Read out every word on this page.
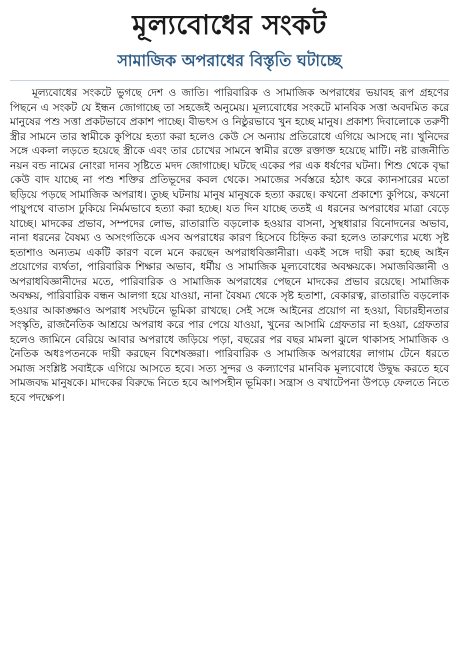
মূল্যবোধের সংকট
সামাজিক অপরাধের বিস্তৃতি ঘটাচ্ছে

মূল্যবোধের সংকটে ভুগছে দেশ ও জাতি। পারিবারিক ও সামাজিক অপরাধের ভয়াবহ রূপ গ্রহণের পিছনে এ সংকট যে ইন্ধন জোগাচ্ছে তা সহজেই অনুমেয়। মূল্যবোধের সংকটে মানবিক সত্তা অবদমিত করে মানুষের পশু সত্তা প্রকটভাবে প্রকাশ পাচ্ছে। বীভৎস ও নিষ্ঠুরভাবে খুন হচ্ছে মানুষ। প্রকাশ্য দিবালোকে তরুণী স্ত্রীর সামনে তার স্বামীকে কুপিয়ে হত্যা করা হলেও কেউ সে অন্যায় প্রতিরোধে এগিয়ে আসছে না। খুনিদের সঙ্গে একলা লড়তে হয়েছে স্ত্রীকে এবং তার চোখের সামনে স্বামীর রক্তে রক্তাক্ত হয়েছে মাটি। নষ্ট রাজনীতি নয়ন বন্ড নামের নোংরা দানব সৃষ্টিতে মদদ জোগাচ্ছে। ঘটছে একের পর এক ধর্ষণের ঘটনা। শিশু থেকে বৃদ্ধা কেউ বাদ যাচ্ছে না পশু শক্তির প্রতিভূদের কবল থেকে। সমাজের সর্বস্তরে হঠাৎ করে ক্যানসারের মতো ছড়িয়ে পড়ছে সামাজিক অপরাধ। তুচ্ছ ঘটনায় মানুষ মানুষকে হত্যা করছে। কখনো প্রকাশ্যে কুপিয়ে, কখনো পায়ুপথে বাতাস ঢুকিয়ে নির্মমভাবে হত্যা করা হচ্ছে। যত দিন যাচ্ছে ততই এ ধরনের অপরাধের মাত্রা বেড়ে যাচ্ছে। মাদকের প্রভাব, সম্পদের লোভ, রাতারাতি বড়লোক হওয়ার বাসনা, সুস্থধারার বিনোদনের অভাব, নানা ধরনের বৈষম্য ও অসংগতিকে এসব অপরাধের কারণ হিসেবে চিহ্নিত করা হলেও তারুণ্যের মধ্যে সৃষ্ট হতাশাও অন্যতম একটি কারণ বলে মনে করছেন অপরাধবিজ্ঞানীরা। একই সঙ্গে দায়ী করা হচ্ছে আইন প্রয়োগের ব্যর্থতা, পারিবারিক শিক্ষার অভাব, ধর্মীয় ও সামাজিক মূল্যবোধের অবক্ষয়কে। সমাজবিজ্ঞানী ও অপরাধবিজ্ঞানীদের মতে, পারিবারিক ও সামাজিক অপরাধের পেছনে মাদকের প্রভাব রয়েছে। সামাজিক অবক্ষয়, পারিবারিক বন্ধন আলগা হয়ে যাওয়া, নানা বৈষম্য থেকে সৃষ্ট হতাশা, বেকারত্ব, রাতারাতি বড়লোক হওয়ার আকাঙ্ক্ষাও অপরাধ সংঘটনে ভূমিকা রাখছে। সেই সঙ্গে আইনের প্রয়োগ না হওয়া, বিচারহীনতার সংস্কৃতি, রাজনৈতিক আশ্রয়ে অপরাধ করে পার পেয়ে যাওয়া, খুনের আসামি গ্রেফতার না হওয়া, গ্রেফতার হলেও জামিনে বেরিয়ে আবার অপরাধে জড়িয়ে পড়া, বছরের পর বছর মামলা ঝুলে থাকাসহ সামাজিক ও নৈতিক অধঃপতনকে দায়ী করছেন বিশেষজ্ঞরা। পারিবারিক ও সামাজিক অপরাধের লাগাম টেনে ধরতে সমাজ সংশ্লিষ্ট সবাইকে এগিয়ে আসতে হবে। সত্য সুন্দর ও কল্যাণের মানবিক মূল্যবোধে উদ্বুদ্ধ করতে হবে সামজবদ্ধ মানুষকে। মাদকের বিরুদ্ধে নিতে হবে আপসহীন ভূমিকা। সন্ত্রাস ও বখাটেপনা উপড়ে ফেলতে নিতে হবে পদক্ষেপ।
